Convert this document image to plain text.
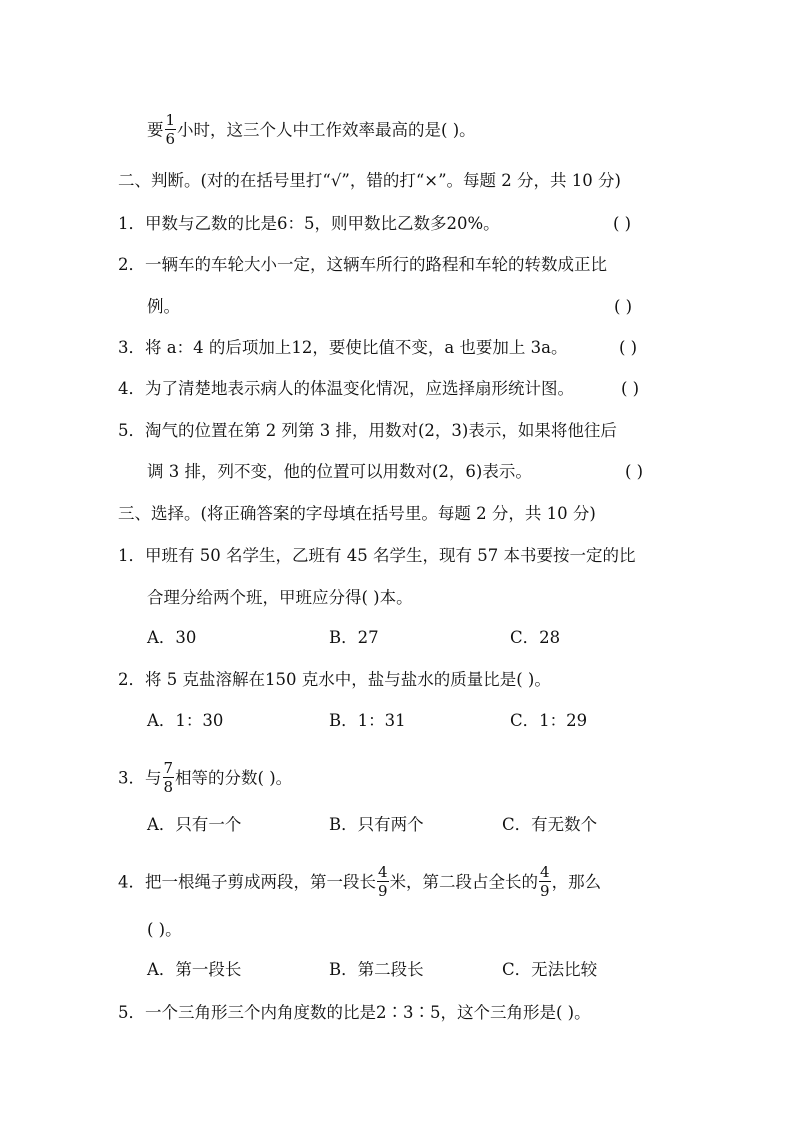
要 $\frac{1}{6}$ 小时，这三个人中工作效率最高的是( )。
二、判断。(对的在括号里打“√”，错的打“×”。每题 2 分，共 10 分)
1．甲数与乙数的比是6：5，则甲数比乙数多20%。	( )
2．一辆车的车轮大小一定，这辆车所行的路程和车轮的转数成正比
例。	( )
3．将 a：4 的后项加上12，要使比值不变，a 也要加上 3a。	( )
4．为了清楚地表示病人的体温变化情况，应选择扇形统计图。	( )
5．淘气的位置在第 2 列第 3 排，用数对(2，3)表示，如果将他往后
调 3 排，列不变，他的位置可以用数对(2，6)表示。	( )
三、选择。(将正确答案的字母填在括号里。每题 2 分，共 10 分)
1．甲班有 50 名学生，乙班有 45 名学生，现有 57 本书要按一定的比
合理分给两个班，甲班应分得( )本。
A．30	B．27	C．28
2．将 5 克盐溶解在150 克水中，盐与盐水的质量比是( )。
A．1：30	B．1：31	C．1：29
3．与 $\frac{7}{8}$ 相等的分数( )。
A．只有一个	B．只有两个	C．有无数个
4．把一根绳子剪成两段，第一段长 $\frac{4}{9}$ 米，第二段占全长的 $\frac{4}{9}$ ，那么
( )。
A．第一段长	B．第二段长	C．无法比较
5．一个三角形三个内角度数的比是2∶3∶5，这个三角形是( )。
